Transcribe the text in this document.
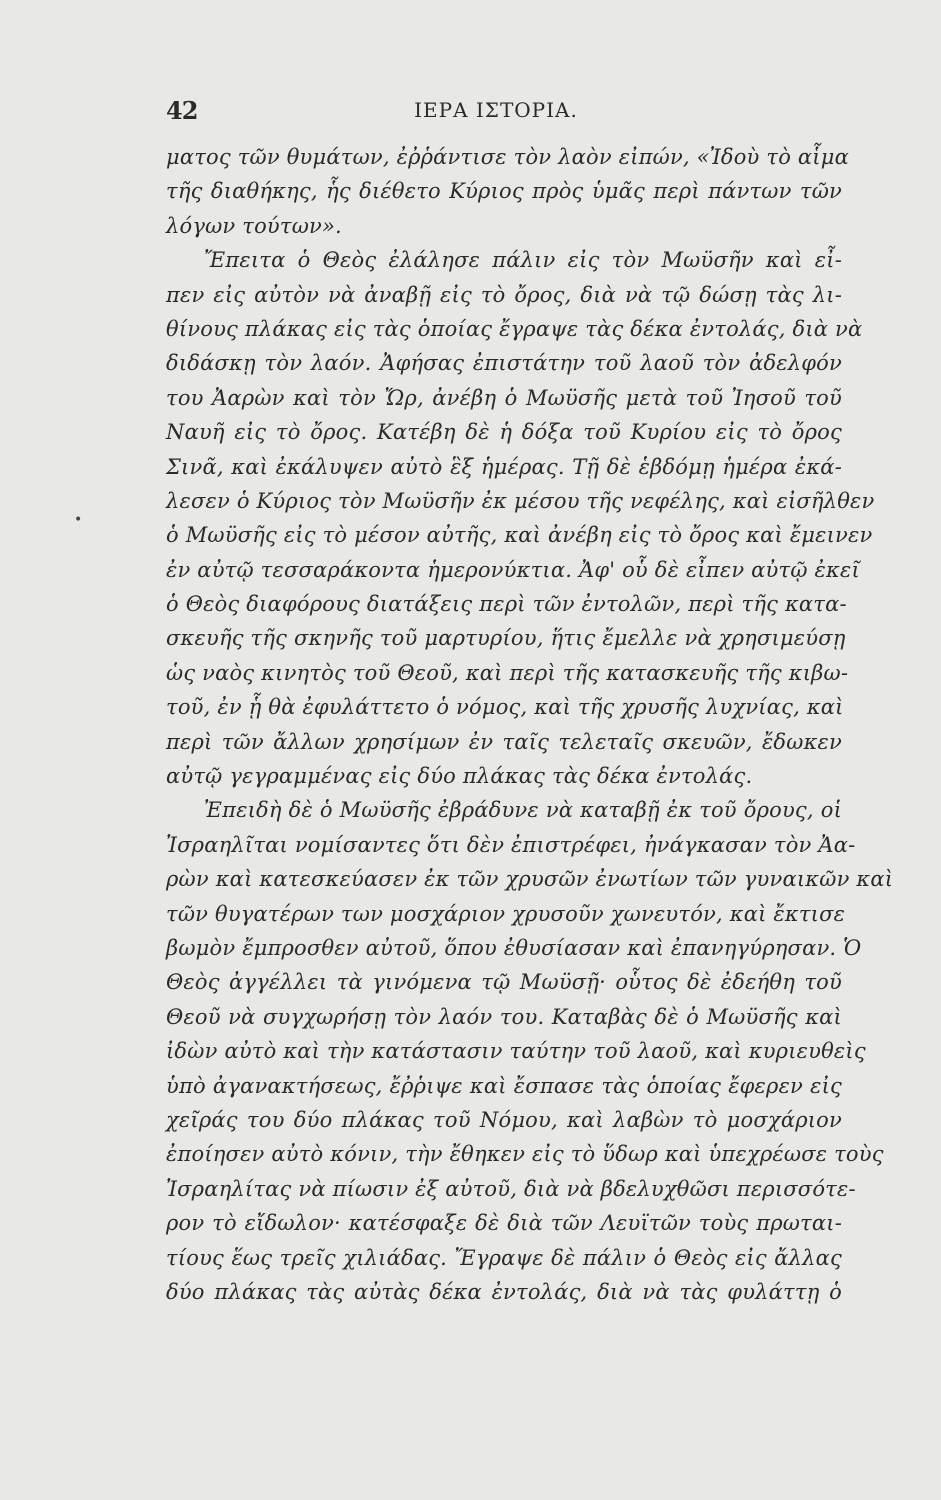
42	ΙΕΡΑ ΙΣΤΟΡΙΑ.
•
ματος τῶν θυμάτων, ἐῤῥάντισε τὸν λαὸν εἰπών, «Ἰδοὺ τὸ αἷμα
τῆς διαθήκης, ἧς διέθετο Κύριος πρὸς ὑμᾶς περὶ πάντων τῶν
λόγων τούτων».
Ἔπειτα ὁ Θεὸς ἐλάλησε πάλιν εἰς τὸν Μωϋσῆν καὶ εἶ-
πεν εἰς αὐτὸν νὰ ἀναβῇ εἰς τὸ ὄρος, διὰ νὰ τῷ δώσῃ τὰς λι-
θίνους πλάκας εἰς τὰς ὁποίας ἔγραψε τὰς δέκα ἐντολάς, διὰ νὰ
διδάσκῃ τὸν λαόν. Ἀφήσας ἐπιστάτην τοῦ λαοῦ τὸν ἀδελφόν
του Ἀαρὼν καὶ τὸν Ὤρ, ἀνέβη ὁ Μωϋσῆς μετὰ τοῦ Ἰησοῦ τοῦ
Ναυῆ εἰς τὸ ὄρος. Κατέβη δὲ ἡ δόξα τοῦ Κυρίου εἰς τὸ ὄρος
Σινᾶ, καὶ ἐκάλυψεν αὐτὸ ἓξ ἡμέρας. Τῇ δὲ ἑβδόμῃ ἡμέρα ἐκά-
λεσεν ὁ Κύριος τὸν Μωϋσῆν ἐκ μέσου τῆς νεφέλης, καὶ εἰσῆλθεν
ὁ Μωϋσῆς εἰς τὸ μέσον αὐτῆς, καὶ ἀνέβη εἰς τὸ ὄρος καὶ ἔμεινεν
ἐν αὐτῷ τεσσαράκοντα ἡμερονύκτια. Ἀφ' οὗ δὲ εἶπεν αὐτῷ ἐκεῖ
ὁ Θεὸς διαφόρους διατάξεις περὶ τῶν ἐντολῶν, περὶ τῆς κατα-
σκευῆς τῆς σκηνῆς τοῦ μαρτυρίου, ἥτις ἔμελλε νὰ χρησιμεύσῃ
ὡς ναὸς κινητὸς τοῦ Θεοῦ, καὶ περὶ τῆς κατασκευῆς τῆς κιβω-
τοῦ, ἐν ᾗ θὰ ἐφυλάττετο ὁ νόμος, καὶ τῆς χρυσῆς λυχνίας, καὶ
περὶ τῶν ἄλλων χρησίμων ἐν ταῖς τελεταῖς σκευῶν, ἔδωκεν
αὐτῷ γεγραμμένας εἰς δύο πλάκας τὰς δέκα ἐντολάς.
Ἐπειδὴ δὲ ὁ Μωϋσῆς ἐβράδυνε νὰ καταβῇ ἐκ τοῦ ὄρους, οἱ
Ἰσραηλῖται νομίσαντες ὅτι δὲν ἐπιστρέφει, ἠνάγκασαν τὸν Ἀα-
ρὼν καὶ κατεσκεύασεν ἐκ τῶν χρυσῶν ἐνωτίων τῶν γυναικῶν καὶ
τῶν θυγατέρων των μοσχάριον χρυσοῦν χωνευτόν, καὶ ἔκτισε
βωμὸν ἔμπροσθεν αὐτοῦ, ὅπου ἐθυσίασαν καὶ ἐπανηγύρησαν. Ὁ
Θεὸς ἀγγέλλει τὰ γινόμενα τῷ Μωϋσῇ· οὗτος δὲ ἐδεήθη τοῦ
Θεοῦ νὰ συγχωρήσῃ τὸν λαόν του. Καταβὰς δὲ ὁ Μωϋσῆς καὶ
ἰδὼν αὐτὸ καὶ τὴν κατάστασιν ταύτην τοῦ λαοῦ, καὶ κυριευθεὶς
ὑπὸ ἀγανακτήσεως, ἔῤῥιψε καὶ ἔσπασε τὰς ὁποίας ἔφερεν εἰς
χεῖράς του δύο πλάκας τοῦ Νόμου, καὶ λαβὼν τὸ μοσχάριον
ἐποίησεν αὐτὸ κόνιν, τὴν ἔθηκεν εἰς τὸ ὕδωρ καὶ ὑπεχρέωσε τοὺς
Ἰσραηλίτας νὰ πίωσιν ἐξ αὐτοῦ, διὰ νὰ βδελυχθῶσι περισσότε-
ρον τὸ εἴδωλον· κατέσφαξε δὲ διὰ τῶν Λευϊτῶν τοὺς πρωται-
τίους ἕως τρεῖς χιλιάδας. Ἔγραψε δὲ πάλιν ὁ Θεὸς εἰς ἄλλας
δύο πλάκας τὰς αὐτὰς δέκα ἐντολάς, διὰ νὰ τὰς φυλάττῃ ὁ
